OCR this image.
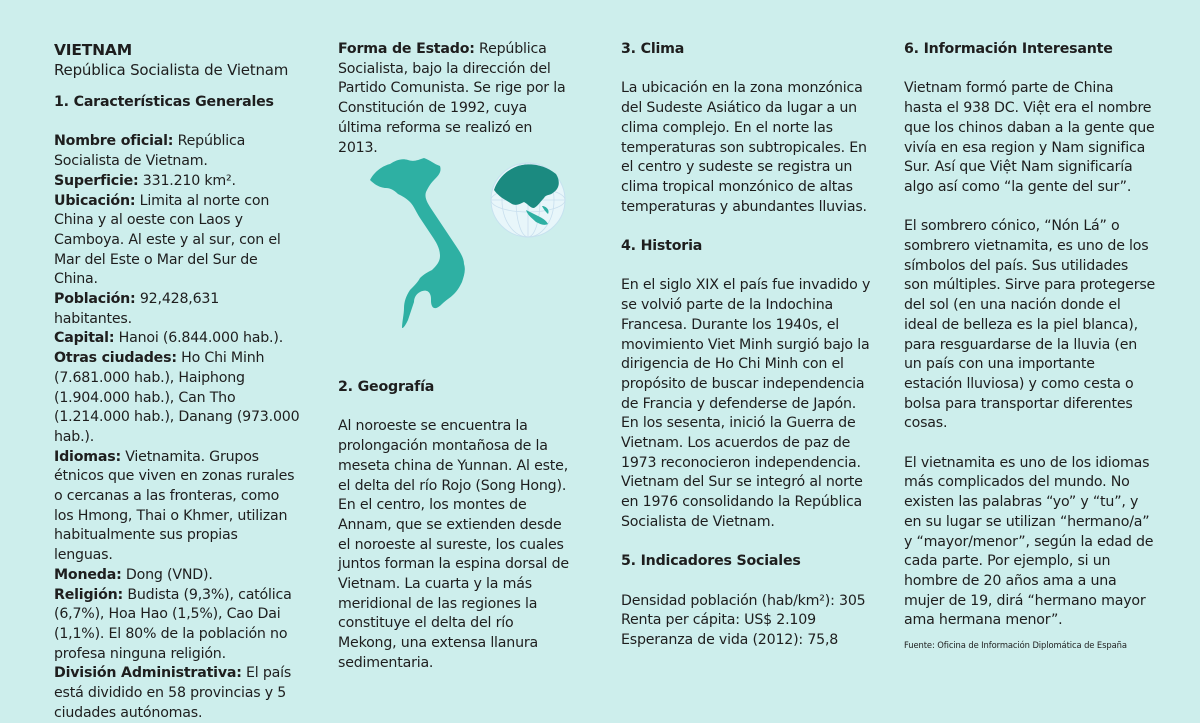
VIETNAM

República Socialista de Vietnam

1. Características Generales

Nombre oficial: República Socialista de Vietnam.

Superficie: 331.210 km².

Ubicación: Limita al norte con China y al oeste con Laos y Camboya. Al este y al sur, con el Mar del Este o Mar del Sur de China.

Población: 92,428,631 habitantes.

Capital: Hanoi (6.844.000 hab.).

Otras ciudades: Ho Chi Minh (7.681.000 hab.), Haiphong (1.904.000 hab.), Can Tho (1.214.000 hab.), Danang (973.000 hab.).

Idiomas: Vietnamita. Grupos étnicos que viven en zonas rurales o cercanas a las fronteras, como los Hmong, Thai o Khmer, utilizan habitualmente sus propias lenguas.

Moneda: Dong (VND).

Religión: Budista (9,3%), católica (6,7%), Hoa Hao (1,5%), Cao Dai (1,1%). El 80% de la población no profesa ninguna religión.

División Administrativa: El país está dividido en 58 provincias y 5 ciudades autónomas.

Forma de Estado: República Socialista, bajo la dirección del Partido Comunista. Se rige por la Constitución de 1992, cuya última reforma se realizó en 2013.

2. Geografía

Al noroeste se encuentra la prolongación montañosa de la meseta china de Yunnan. Al este, el delta del río Rojo (Song Hong). En el centro, los montes de Annam, que se extienden desde el noroeste al sureste, los cuales juntos forman la espina dorsal de Vietnam. La cuarta y la más meridional de las regiones la constituye el delta del río Mekong, una extensa llanura sedimentaria.

3. Clima

La ubicación en la zona monzónica del Sudeste Asiático da lugar a un clima complejo. En el norte las temperaturas son subtropicales. En el centro y sudeste se registra un clima tropical monzónico de altas temperaturas y abundantes lluvias.

4. Historia

En el siglo XIX el país fue invadido y se volvió parte de la Indochina Francesa. Durante los 1940s, el movimiento Viet Minh surgió bajo la dirigencia de Ho Chi Minh con el propósito de buscar independencia de Francia y defenderse de Japón. En los sesenta, inició la Guerra de Vietnam. Los acuerdos de paz de 1973 reconocieron independencia. Vietnam del Sur se integró al norte en 1976 consolidando la República Socialista de Vietnam.

5. Indicadores Sociales

Densidad población (hab/km²): 305

Renta per cápita: US$ 2.109

Esperanza de vida (2012): 75,8

6. Información Interesante

Vietnam formó parte de China hasta el 938 DC. Việt era el nombre que los chinos daban a la gente que vivía en esa region y Nam significa Sur. Así que Việt Nam significaría algo así como “la gente del sur”.

El sombrero cónico, “Nón Lá” o sombrero vietnamita, es uno de los símbolos del país. Sus utilidades son múltiples. Sirve para protegerse del sol (en una nación donde el ideal de belleza es la piel blanca), para resguardarse de la lluvia (en un país con una importante estación lluviosa) y como cesta o bolsa para transportar diferentes cosas.

El vietnamita es uno de los idiomas más complicados del mundo. No existen las palabras “yo” y “tu”, y en su lugar se utilizan “hermano/a” y “mayor/menor”, según la edad de cada parte. Por ejemplo, si un hombre de 20 años ama a una mujer de 19, dirá “hermano mayor ama hermana menor”.

Fuente: Oficina de Información Diplomática de España
